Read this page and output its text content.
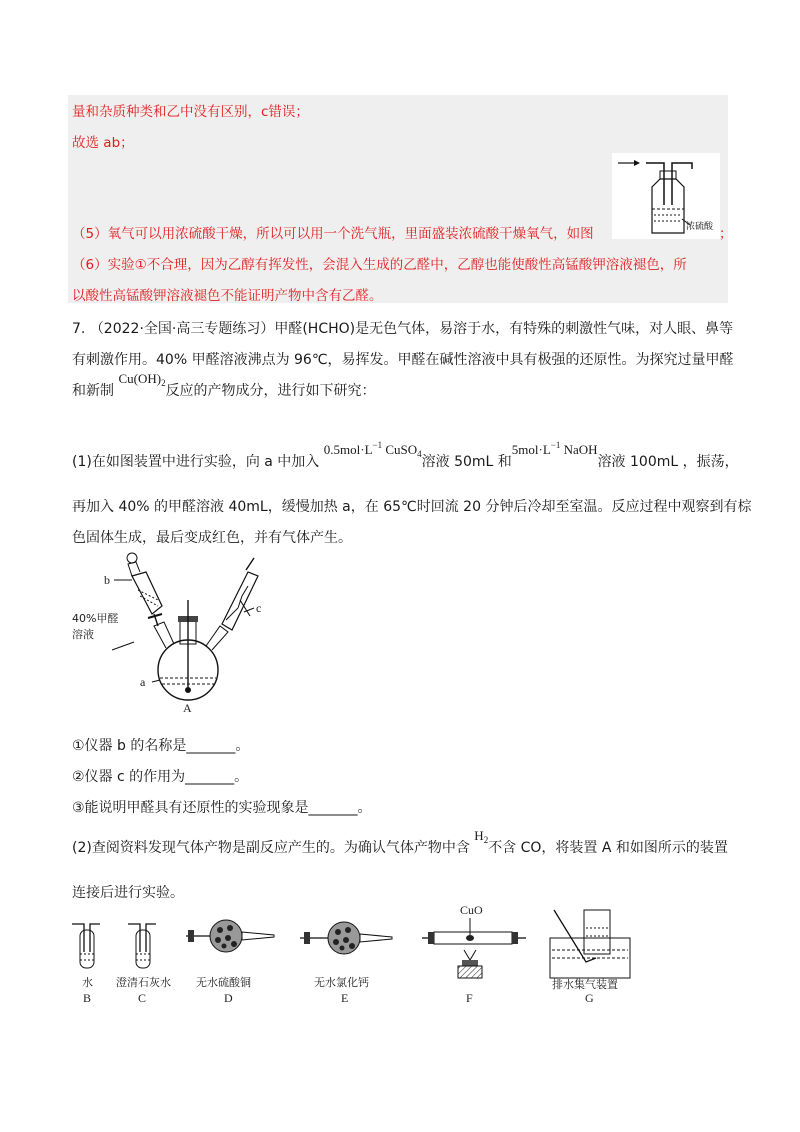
量和杂质种类和乙中没有区别，c错误；
故选 ab；
浓硫酸
（5）氧气可以用浓硫酸干燥，所以可以用一个洗气瓶，里面盛装浓硫酸干燥氧气，如图	；
（6）实验①不合理，因为乙醇有挥发性，会混入生成的乙醛中，乙醇也能使酸性高锰酸钾溶液褪色，所
以酸性高锰酸钾溶液褪色不能证明产物中含有乙醛。
7. （2022·全国·高三专题练习）甲醛(HCHO)是无色气体，易溶于水，有特殊的刺激性气味，对人眼、鼻等
有刺激作用。40% 甲醛溶液沸点为 96℃，易挥发。甲醛在碱性溶液中具有极强的还原性。为探究过量甲醛
和新制 $Cu(OH)_2$反应的产物成分，进行如下研究：
(1)在如图装置中进行实验，向 a 中加入 $0.5mol\cdot L^{-1}$ CuSO$_4$溶液 50mL 和$5mol\cdot L^{-1}$ NaOH溶液 100mL ，振荡，
再加入 40% 的甲醛溶液 40mL，缓慢加热 a，在 65℃时回流 20 分钟后冷却至室温。反应过程中观察到有棕
色固体生成，最后变成红色，并有气体产生。
b
c
a
A
40%甲醛
溶液
①仪器 b 的名称是_______。
②仪器 c 的作用为_______。
③能说明甲醛具有还原性的实验现象是_______。
(2)查阅资料发现气体产物是副反应产生的。为确认气体产物中含 $H_2$不含 CO，将装置 A 和如图所示的装置
连接后进行实验。
水
B
澄清石灰水
C
无水硫酸铜
D
无水氯化钙
E
CuO
F
排水集气装置
G
